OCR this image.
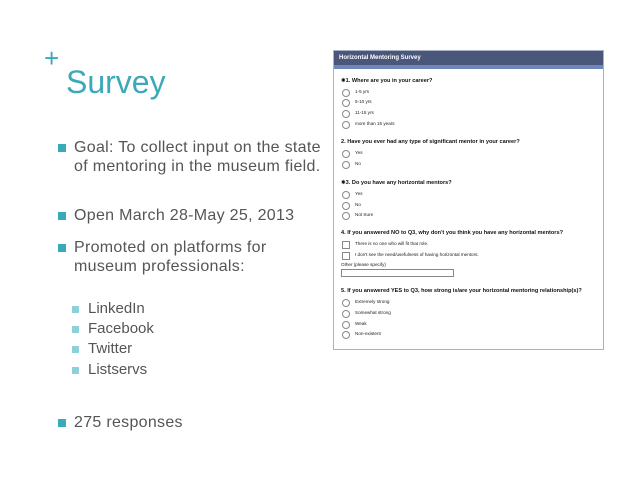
+
Survey
Goal: To collect input on the state of mentoring in the museum field.
Open March 28-May 25, 2013
Promoted on platforms for museum professionals:
LinkedIn
Facebook
Twitter
Listservs
275 responses
Horizontal Mentoring Survey
✵1. Where are you in your career?
1-5 yrs
5-10 yrs
11-15 yrs
more than 15 years
2. Have you ever had any type of significant mentor in your career?
Yes
No
✵3. Do you have any horizontal mentors?
Yes
No
Not Sure
4. If you answered NO to Q3, why don't you think you have any horizontal mentors?
There is no one who will fit that role.
I don't see the need/usefulness of having horizontal mentors.
Other (please specify)
5. If you answered YES to Q3, how strong is/are your horizontal mentoring relationship(s)?
Extremely strong
Somewhat strong
Weak
Non-existent
